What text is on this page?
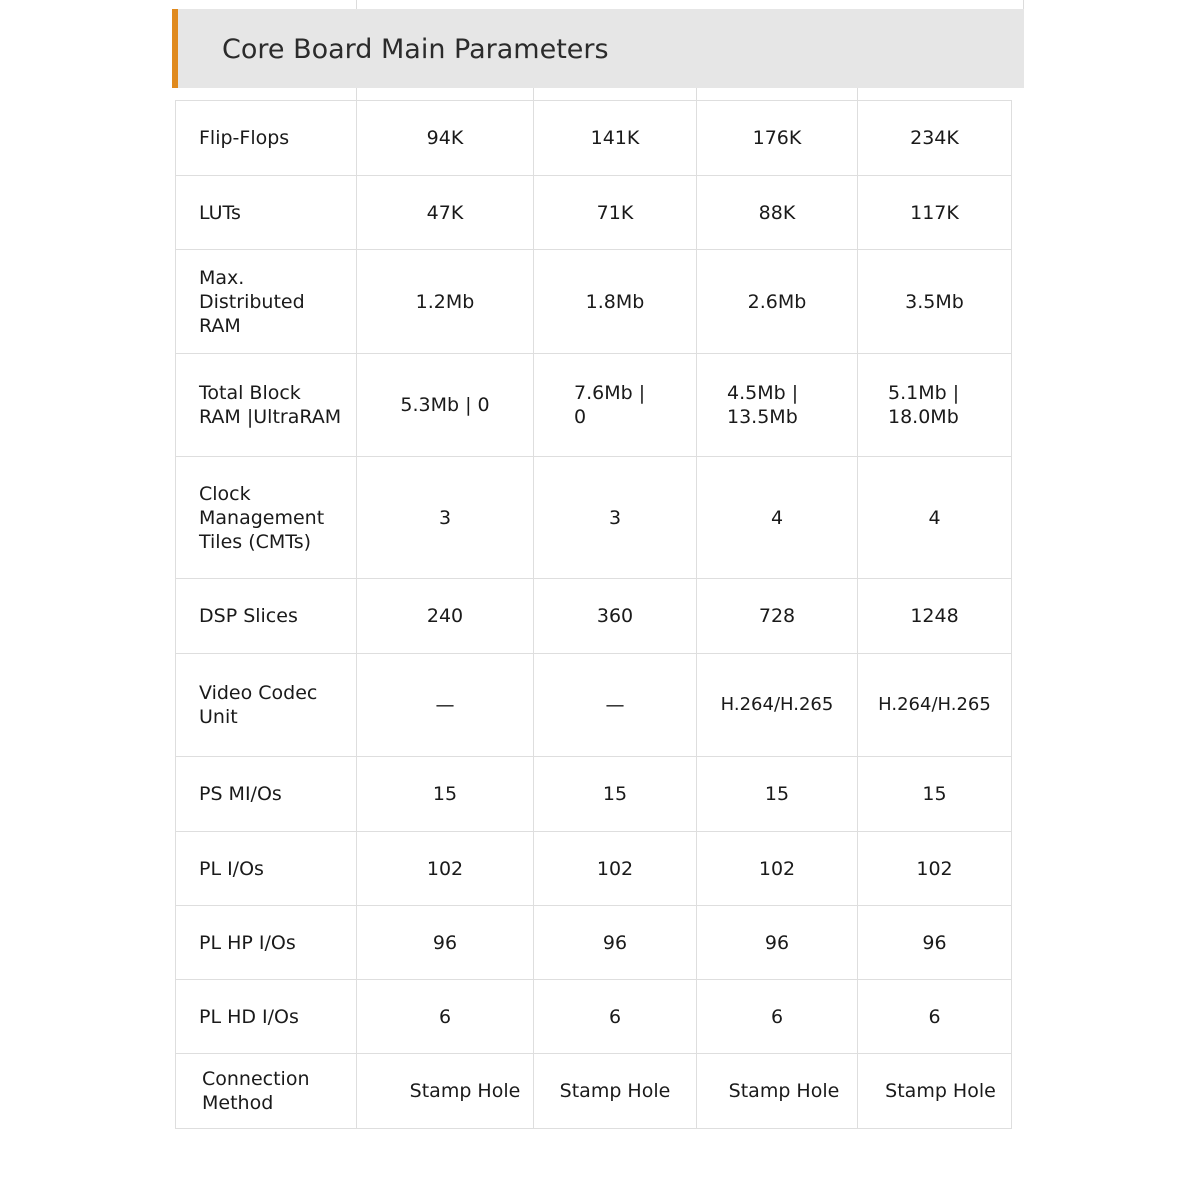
Core Board Main Parameters
Flip-Flops	94K	141K	176K	234K
LUTs	47K	71K	88K	117K
Max. Distributed RAM	1.2Mb	1.8Mb	2.6Mb	3.5Mb
Total Block RAM |UltraRAM	5.3Mb | 0	7.6Mb | 0	4.5Mb | 13.5Mb	5.1Mb | 18.0Mb
Clock Management Tiles (CMTs)	3	3	4	4
DSP Slices	240	360	728	1248
Video Codec Unit	—	—	H.264/H.265	H.264/H.265
PS MI/Os	15	15	15	15
PL I/Os	102	102	102	102
PL HP I/Os	96	96	96	96
PL HD I/Os	6	6	6	6
Connection Method	Stamp Hole	Stamp Hole	Stamp Hole	Stamp Hole
